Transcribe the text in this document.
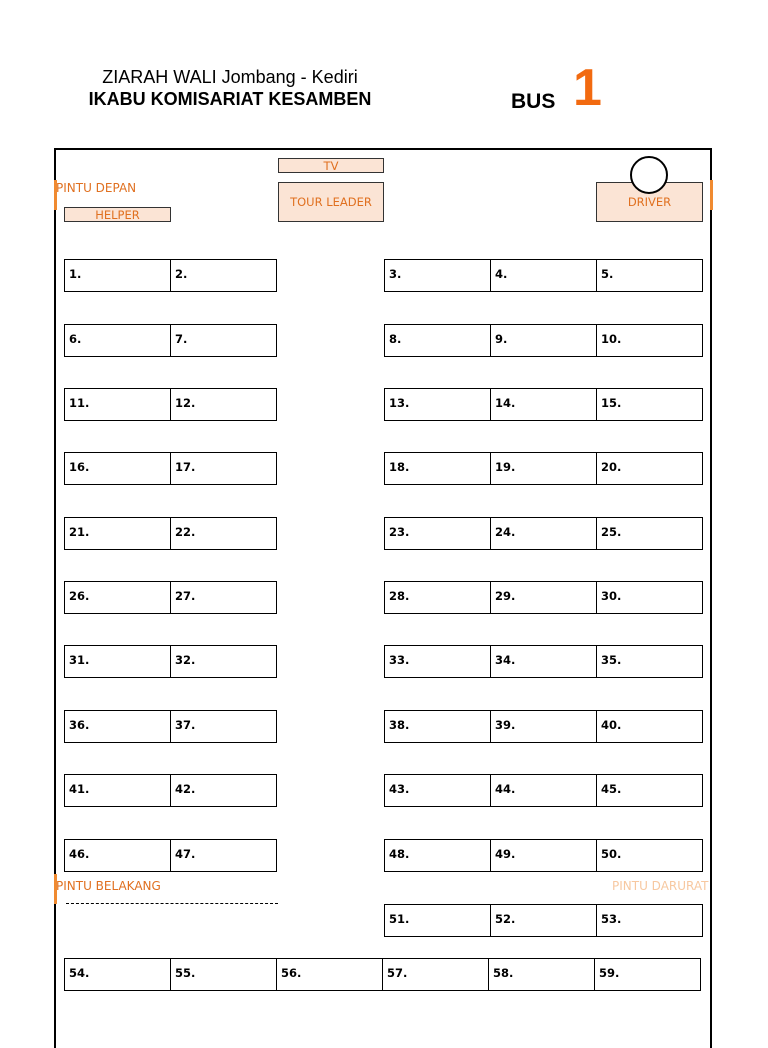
ZIARAH WALI Jombang - Kediri
IKABU KOMISARIAT KESAMBEN	BUS 1
TV
TOUR LEADER	DRIVER
PINTU DEPAN
HELPER
1.	2.	3.	4.	5.
6.	7.	8.	9.	10.
11.	12.	13.	14.	15.
16.	17.	18.	19.	20.
21.	22.	23.	24.	25.
26.	27.	28.	29.	30.
31.	32.	33.	34.	35.
36.	37.	38.	39.	40.
41.	42.	43.	44.	45.
46.	47.	48.	49.	50.
PINTU BELAKANG	PINTU DARURAT
51.	52.	53.
54.	55.	56.	57.	58.	59.
